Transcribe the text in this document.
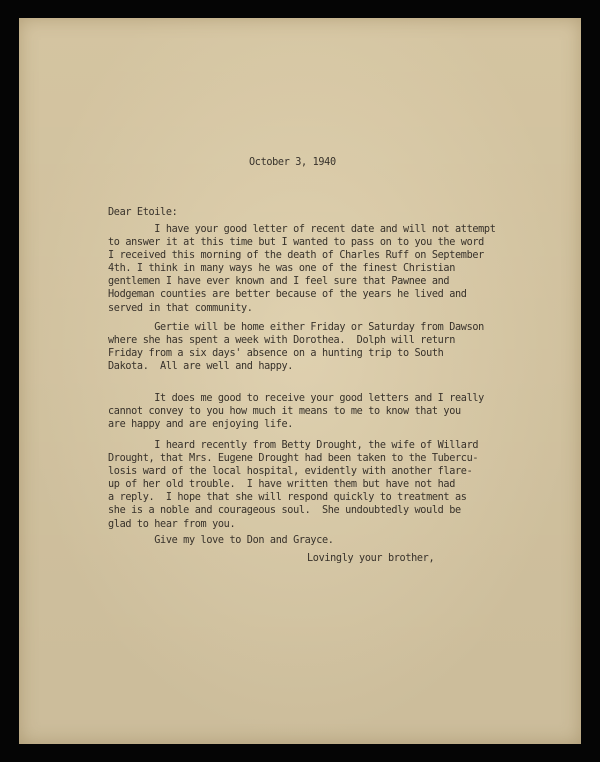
October 3, 1940

Dear Etoile:

I have your good letter of recent date and will not attempt
to answer it at this time but I wanted to pass on to you the word
I received this morning of the death of Charles Ruff on September
4th. I think in many ways he was one of the finest Christian
gentlemen I have ever known and I feel sure that Pawnee and
Hodgeman counties are better because of the years he lived and
served in that community.

Gertie will be home either Friday or Saturday from Dawson
where she has spent a week with Dorothea.  Dolph will return
Friday from a six days' absence on a hunting trip to South
Dakota.  All are well and happy.

It does me good to receive your good letters and I really
cannot convey to you how much it means to me to know that you
are happy and are enjoying life.

I heard recently from Betty Drought, the wife of Willard
Drought, that Mrs. Eugene Drought had been taken to the Tubercu-
losis ward of the local hospital, evidently with another flare-
up of her old trouble.  I have written them but have not had
a reply.  I hope that she will respond quickly to treatment as
she is a noble and courageous soul.  She undoubtedly would be
glad to hear from you.

Give my love to Don and Grayce.

Lovingly your brother,
